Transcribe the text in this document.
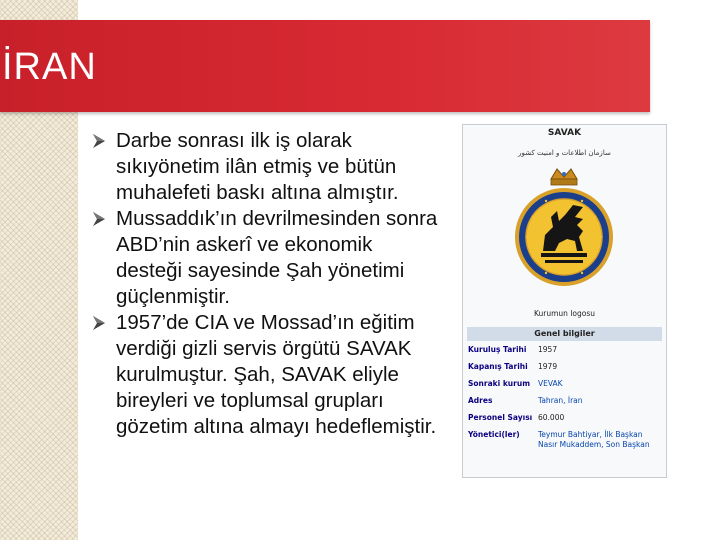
İRAN
Darbe sonrası ilk iş olarak sıkıyönetim ilân etmiş ve bütün muhalefeti baskı altına almıştır.
Mussaddık’ın devrilmesinden sonra ABD’nin askerî ve ekonomik desteği sayesinde Şah yönetimi güçlenmiştir.
1957’de CIA ve Mossad’ın eğitim verdiği gizli servis örgütü SAVAK kurulmuştur. Şah, SAVAK eliyle bireyleri ve toplumsal grupları gözetim altına almayı hedeflemiştir.
SAVAK
سازمان اطلاعات و امنیت کشور
Kurumun logosu
Genel bilgiler
Kuruluş Tarihi	1957
Kapanış Tarihi	1979
Sonraki kurum	VEVAK
Adres	Tahran, İran
Personel Sayısı 60.000
Yönetici(ler)	Teymur Bahtiyar, İlk Başkan Nasır Mukaddem, Son Başkan
